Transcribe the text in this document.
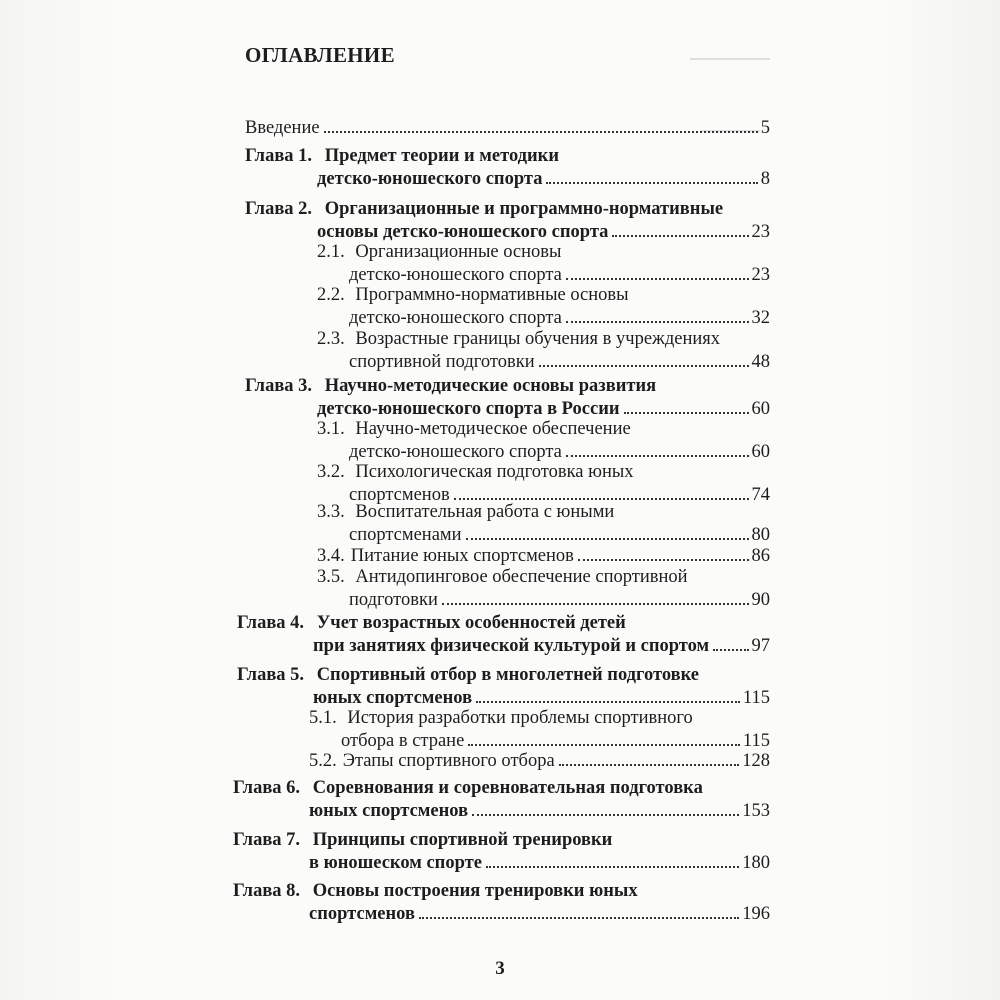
ОГЛАВЛЕНИЕ
Введение	5
Глава 1. Предмет теории и методики
детско-юношеского спорта	8
Глава 2. Организационные и программно-нормативные
основы детско-юношеского спорта	23
2.1. Организационные основы
детско-юношеского спорта	23
2.2. Программно-нормативные основы
детско-юношеского спорта	32
2.3. Возрастные границы обучения в учреждениях
спортивной подготовки	48
Глава 3. Научно-методические основы развития
детско-юношеского спорта в России	60
3.1. Научно-методическое обеспечение
детско-юношеского спорта	60
3.2. Психологическая подготовка юных
спортсменов	74
3.3. Воспитательная работа с юными
спортсменами	80
3.4. Питание юных спортсменов	86
3.5. Антидопинговое обеспечение спортивной
подготовки	90
Глава 4. Учет возрастных особенностей детей
при занятиях физической культурой и спортом 97
Глава 5. Спортивный отбор в многолетней подготовке
юных спортсменов	115
5.1. История разработки проблемы спортивного
отбора в стране	115
5.2. Этапы спортивного отбора	128
Глава 6. Соревнования и соревновательная подготовка
юных спортсменов	153
Глава 7. Принципы спортивной тренировки
в юношеском спорте	180
Глава 8. Основы построения тренировки юных
спортсменов	196
3
